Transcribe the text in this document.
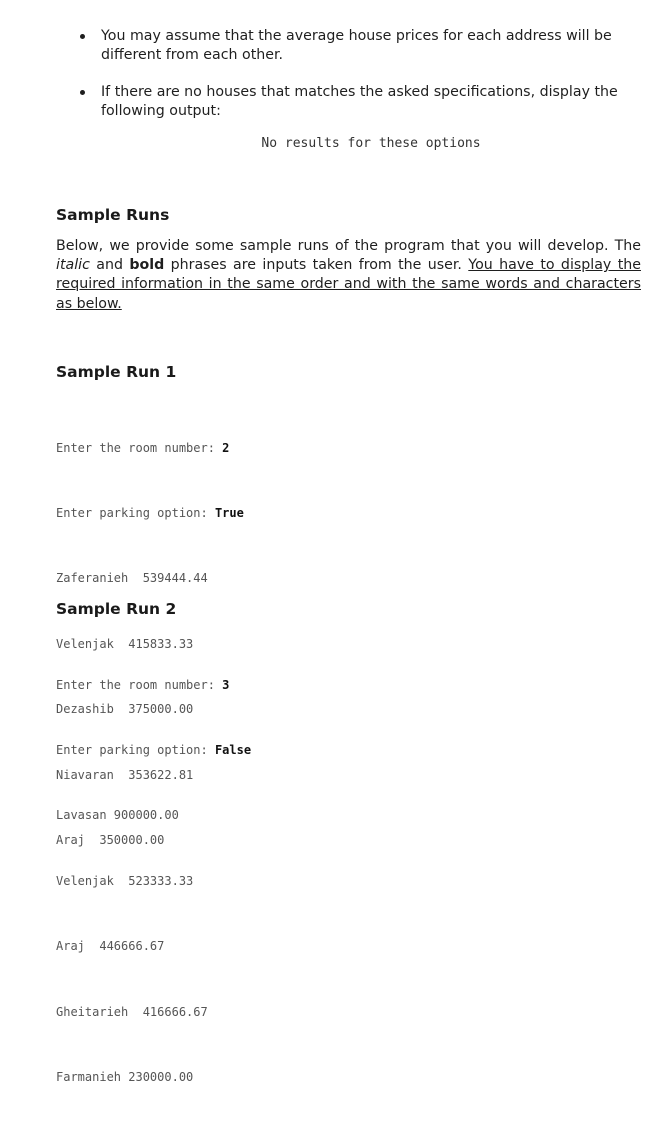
You may assume that the average house prices for each address will be different from each other.
If there are no houses that matches the asked specifications, display the following output:
No results for these options
Sample Runs

Below, we provide some sample runs of the program that you will develop. The italic and bold phrases are inputs taken from the user. You have to display the required information in the same order and with the same words and characters as below.

Sample Run 1

Enter the room number: 2

Enter parking option: True

Zaferanieh  539444.44

Velenjak  415833.33

Dezashib  375000.00

Niavaran  353622.81

Araj  350000.00

Sample Run 2

Enter the room number: 3

Enter parking option: False

Lavasan 900000.00

Velenjak  523333.33

Araj  446666.67

Gheitarieh  416666.67

Farmanieh 230000.00
